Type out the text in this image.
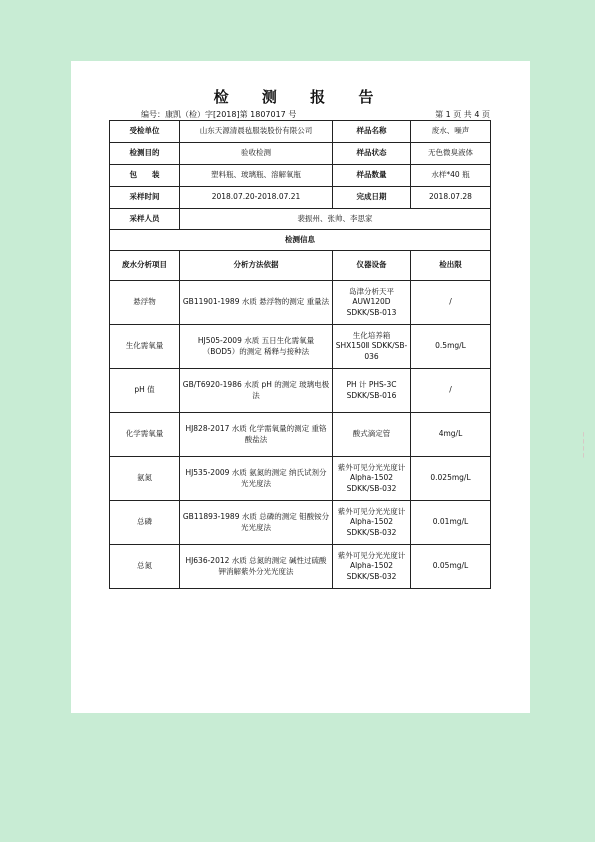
检 测 报 告
编号：康凯（检）字[2018]第 1807017 号	第 1 页 共 4 页
受检单位	山东天源清晨毡服装股份有限公司	样品名称	废水、噪声
检测目的	验收检测	样品状态	无色微臭液体
包　　装	塑料瓶、玻璃瓶、溶解氧瓶	样品数量	水样*40 瓶
采样时间	2018.07.20-2018.07.21	完成日期	2018.07.28
采样人员	裴振州、张帅、李思家		
检测信息			
废水分析项目	分析方法依据	仪器设备	检出限
悬浮物	GB11901-1989 水质 悬浮物的测定 重量法	岛津分析天平 AUW120D SDKK/SB-013	/
生化需氧量	HJ505-2009 水质 五日生化需氧量（BOD5）的测定 稀释与接种法	生化培养箱 SHX150Ⅱ SDKK/SB-036	0.5mg/L
pH 值	GB/T6920-1986 水质 pH 的测定 玻璃电极法	PH 计 PHS-3C SDKK/SB-016	/
化学需氧量	HJ828-2017 水质 化学需氧量的测定 重铬酸盐法	酸式滴定管	4mg/L
氨氮	HJ535-2009 水质 氨氮的测定 纳氏试剂分光光度法	紫外可见分光光度计 Alpha-1502 SDKK/SB-032	0.025mg/L
总磷	GB11893-1989 水质 总磷的测定 钼酸铵分光光度法	紫外可见分光光度计 Alpha-1502 SDKK/SB-032	0.01mg/L
总氮	HJ636-2012 水质 总氮的测定 碱性过硫酸钾消解紫外分光光度法	紫外可见分光光度计 Alpha-1502 SDKK/SB-032	0.05mg/L
⌇⌇⌇⌇
